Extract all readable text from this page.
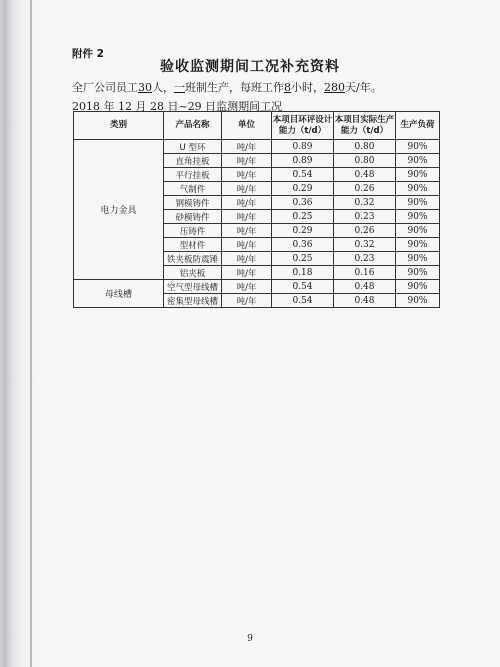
附件 2
验收监测期间工况补充资料
全厂公司员工30人，一班制生产，每班工作8小时，280天/年。
2018 年 12 月 28 日~29 日监测期间工况
类别	产品名称	单位	本项目环评设计能力（t/d）	本项目实际生产能力（t/d）	生产负荷
电力金具	U 型环	吨/年	0.89	0.80	90%
	直角挂板	吨/年	0.89	0.80	90%
	平行挂板	吨/年	0.54	0.48	90%
	气制件	吨/年	0.29	0.26	90%
	钢模铸件	吨/年	0.36	0.32	90%
	砂模铸件	吨/年	0.25	0.23	90%
	压铸件	吨/年	0.29	0.26	90%
	型材件	吨/年	0.36	0.32	90%
	铁夹板防震锤	吨/年	0.25	0.23	90%
	铝夹板	吨/年	0.18	0.16	90%
母线槽	空气型母线槽	吨/年	0.54	0.48	90%
	密集型母线槽	吨/年	0.54	0.48	90%
9
